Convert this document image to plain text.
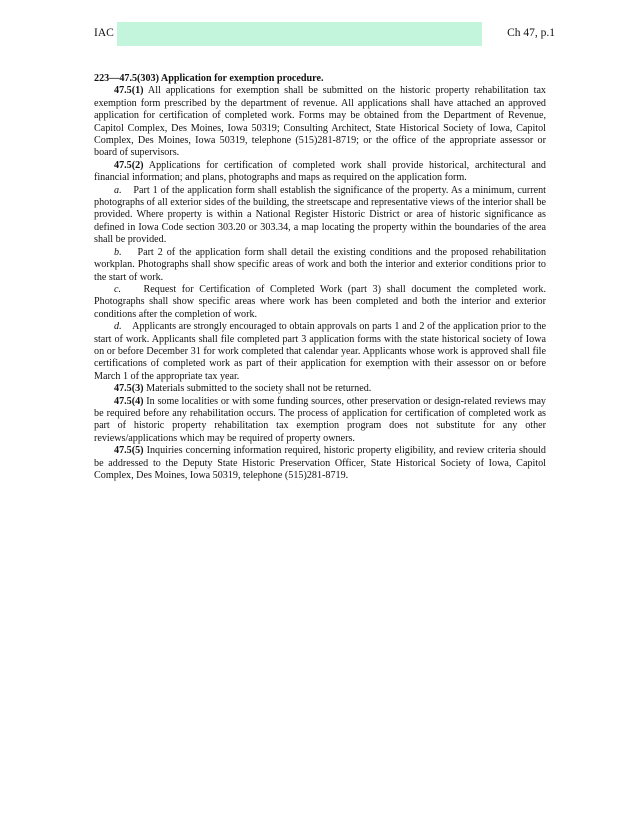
IAC	Ch 47, p.1

223—47.5(303) Application for exemption procedure.

47.5(1) All applications for exemption shall be submitted on the historic property rehabilitation tax exemption form prescribed by the department of revenue. All applications shall have attached an approved application for certification of completed work. Forms may be obtained from the Department of Revenue, Capitol Complex, Des Moines, Iowa 50319; Consulting Architect, State Historical Society of Iowa, Capitol Complex, Des Moines, Iowa 50319, telephone (515)281-8719; or the office of the appropriate assessor or board of supervisors.

47.5(2) Applications for certification of completed work shall provide historical, architectural and financial information; and plans, photographs and maps as required on the application form.

a. Part 1 of the application form shall establish the significance of the property. As a minimum, current photographs of all exterior sides of the building, the streetscape and representative views of the interior shall be provided. Where property is within a National Register Historic District or area of historic significance as defined in Iowa Code section 303.20 or 303.34, a map locating the property within the boundaries of the area shall be provided.

b. Part 2 of the application form shall detail the existing conditions and the proposed rehabilitation workplan. Photographs shall show specific areas of work and both the interior and exterior conditions prior to the start of work.

c. Request for Certification of Completed Work (part 3) shall document the completed work. Photographs shall show specific areas where work has been completed and both the interior and exterior conditions after the completion of work.

d. Applicants are strongly encouraged to obtain approvals on parts 1 and 2 of the application prior to the start of work. Applicants shall file completed part 3 application forms with the state historical society of Iowa on or before December 31 for work completed that calendar year. Applicants whose work is approved shall file certifications of completed work as part of their application for exemption with their assessor on or before March 1 of the appropriate tax year.

47.5(3) Materials submitted to the society shall not be returned.

47.5(4) In some localities or with some funding sources, other preservation or design-related reviews may be required before any rehabilitation occurs. The process of application for certification of completed work as part of historic property rehabilitation tax exemption program does not substitute for any other reviews/applications which may be required of property owners.

47.5(5) Inquiries concerning information required, historic property eligibility, and review criteria should be addressed to the Deputy State Historic Preservation Officer, State Historical Society of Iowa, Capitol Complex, Des Moines, Iowa 50319, telephone (515)281-8719.
